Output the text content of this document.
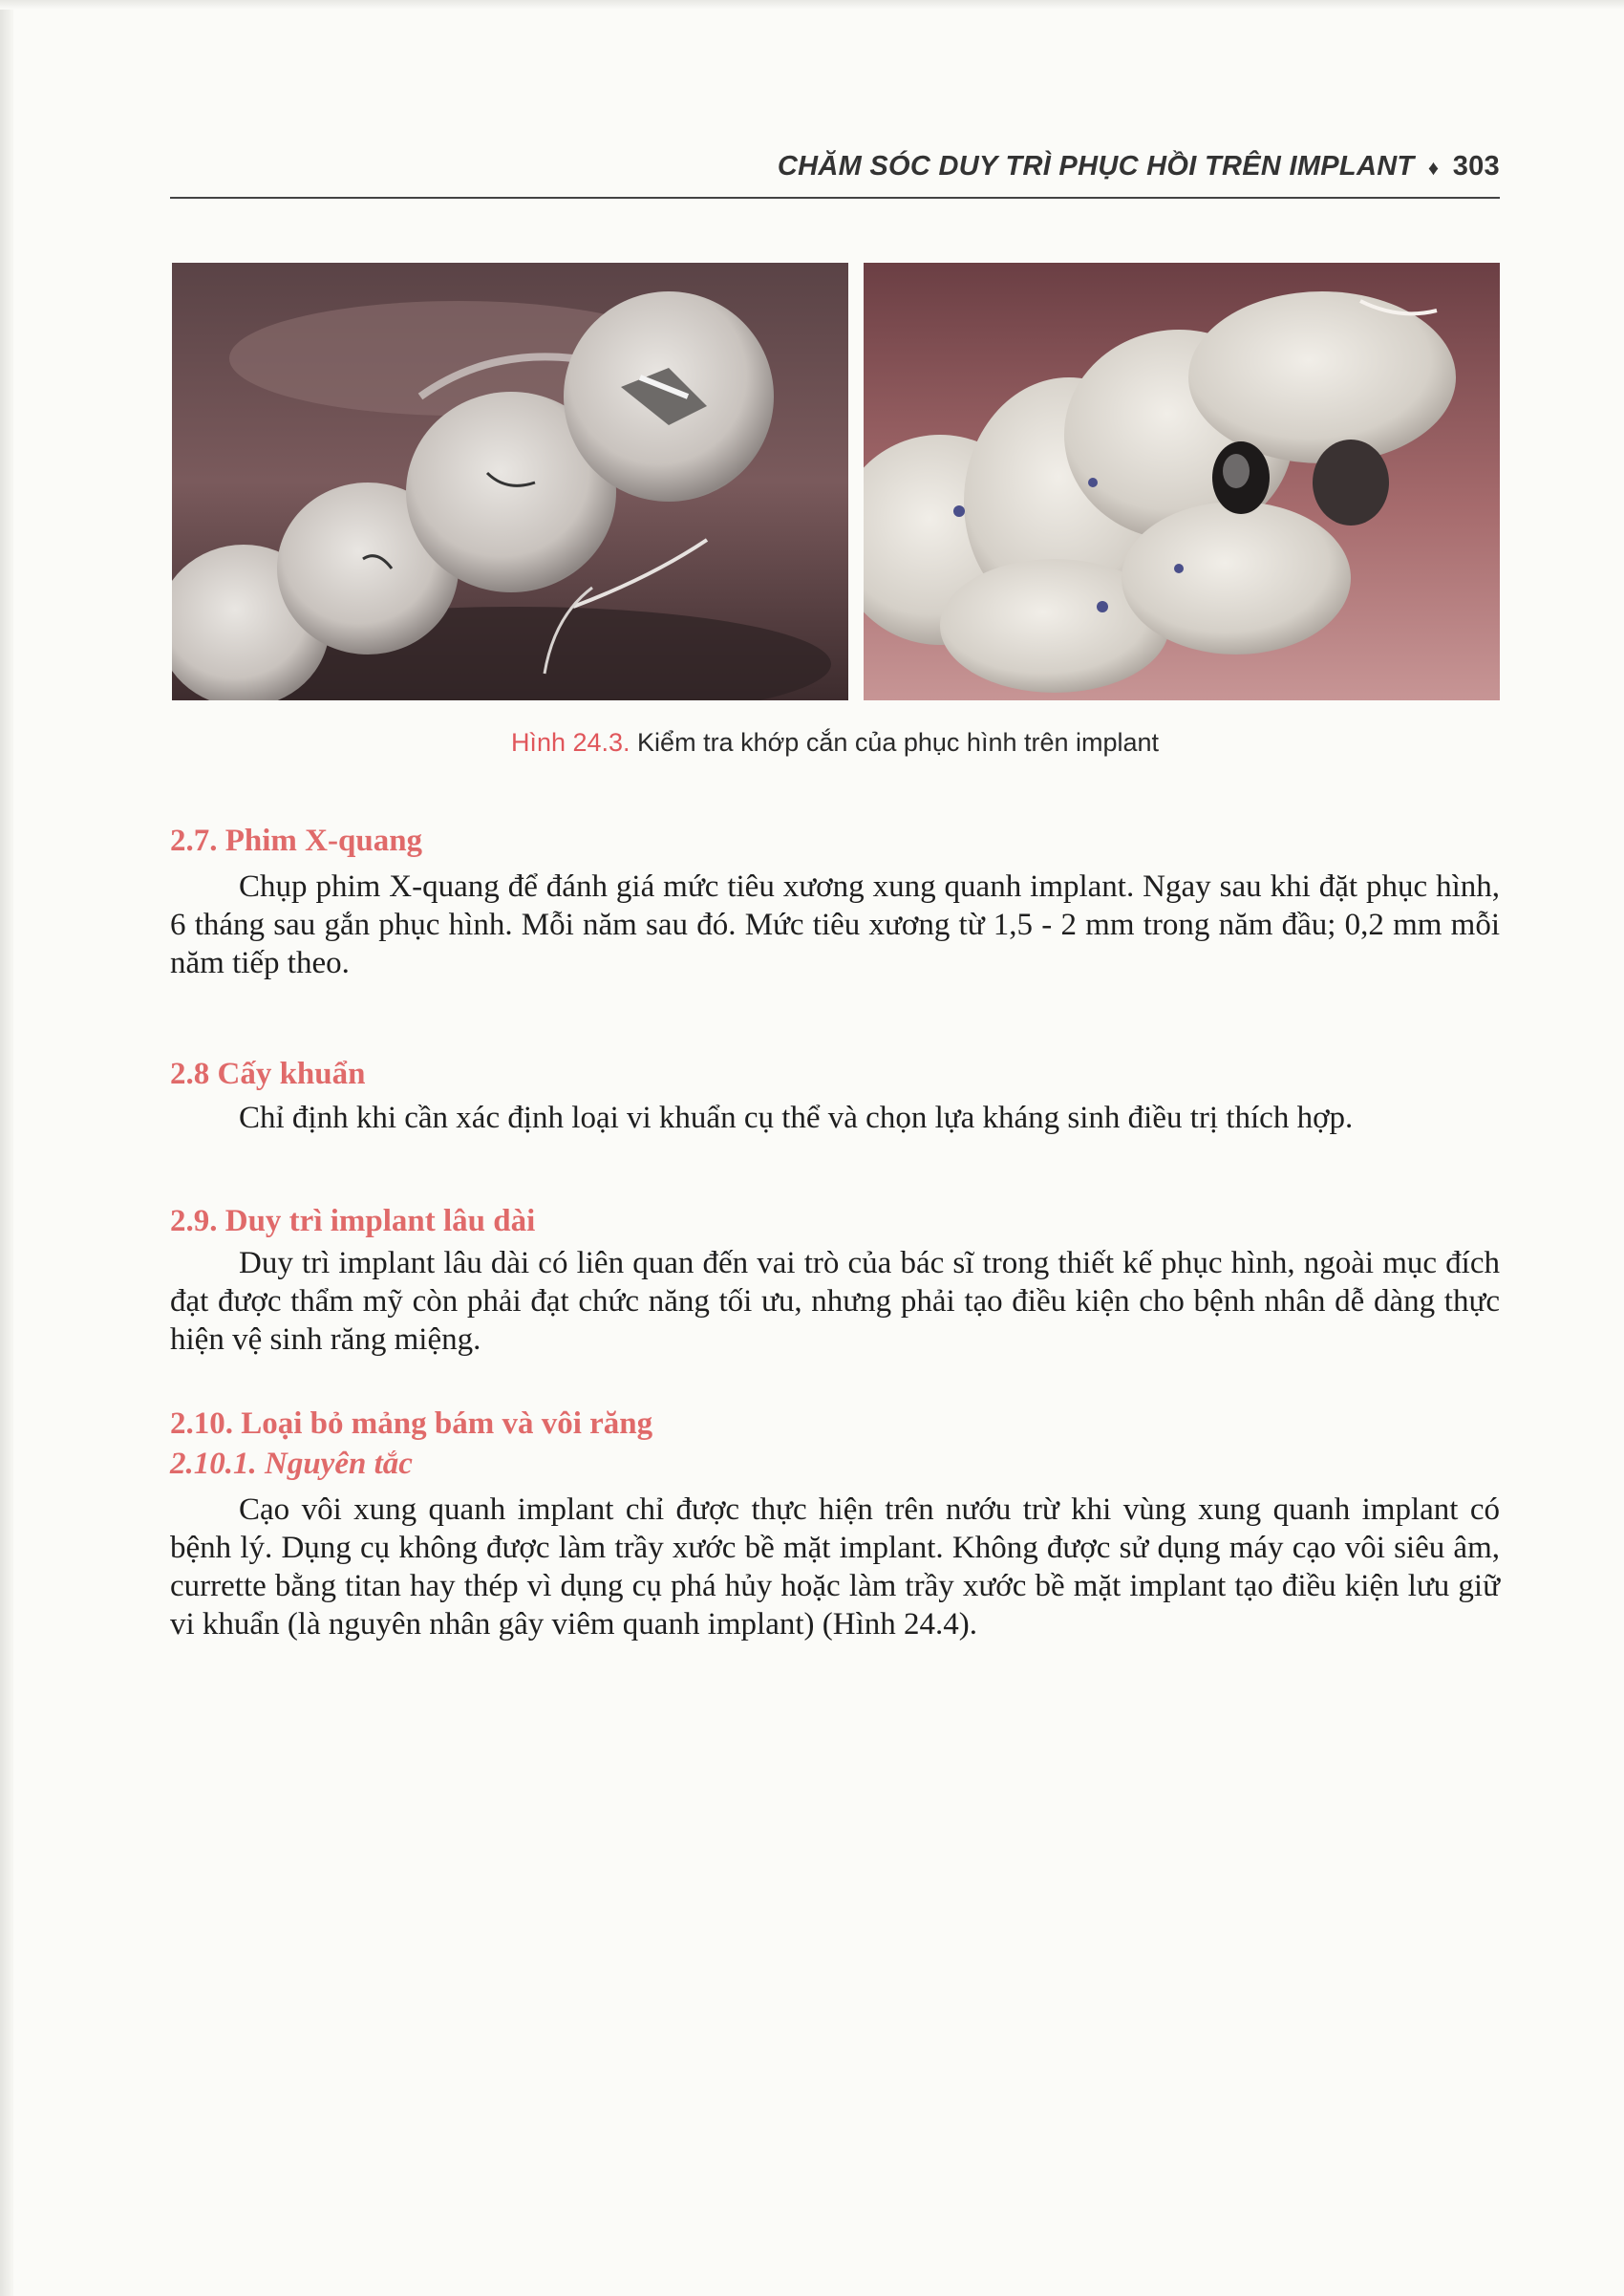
CHĂM SÓC DUY TRÌ PHỤC HỒI TRÊN IMPLANT ♦ 303
Hình 24.3. Kiểm tra khớp cắn của phục hình trên implant
2.7. Phim X-quang

Chụp phim X-quang để đánh giá mức tiêu xương xung quanh implant. Ngay sau khi đặt phục hình, 6 tháng sau gắn phục hình. Mỗi năm sau đó. Mức tiêu xương từ 1,5 - 2 mm trong năm đầu; 0,2 mm mỗi năm tiếp theo.

2.8 Cấy khuẩn

Chỉ định khi cần xác định loại vi khuẩn cụ thể và chọn lựa kháng sinh điều trị thích hợp.

2.9. Duy trì implant lâu dài

Duy trì implant lâu dài có liên quan đến vai trò của bác sĩ trong thiết kế phục hình, ngoài mục đích đạt được thẩm mỹ còn phải đạt chức năng tối ưu, nhưng phải tạo điều kiện cho bệnh nhân dễ dàng thực hiện vệ sinh răng miệng.

2.10. Loại bỏ mảng bám và vôi răng
2.10.1. Nguyên tắc

Cạo vôi xung quanh implant chỉ được thực hiện trên nướu trừ khi vùng xung quanh implant có bệnh lý. Dụng cụ không được làm trầy xước bề mặt implant. Không được sử dụng máy cạo vôi siêu âm, currette bằng titan hay thép vì dụng cụ phá hủy hoặc làm trầy xước bề mặt implant tạo điều kiện lưu giữ vi khuẩn (là nguyên nhân gây viêm quanh implant) (Hình 24.4).
